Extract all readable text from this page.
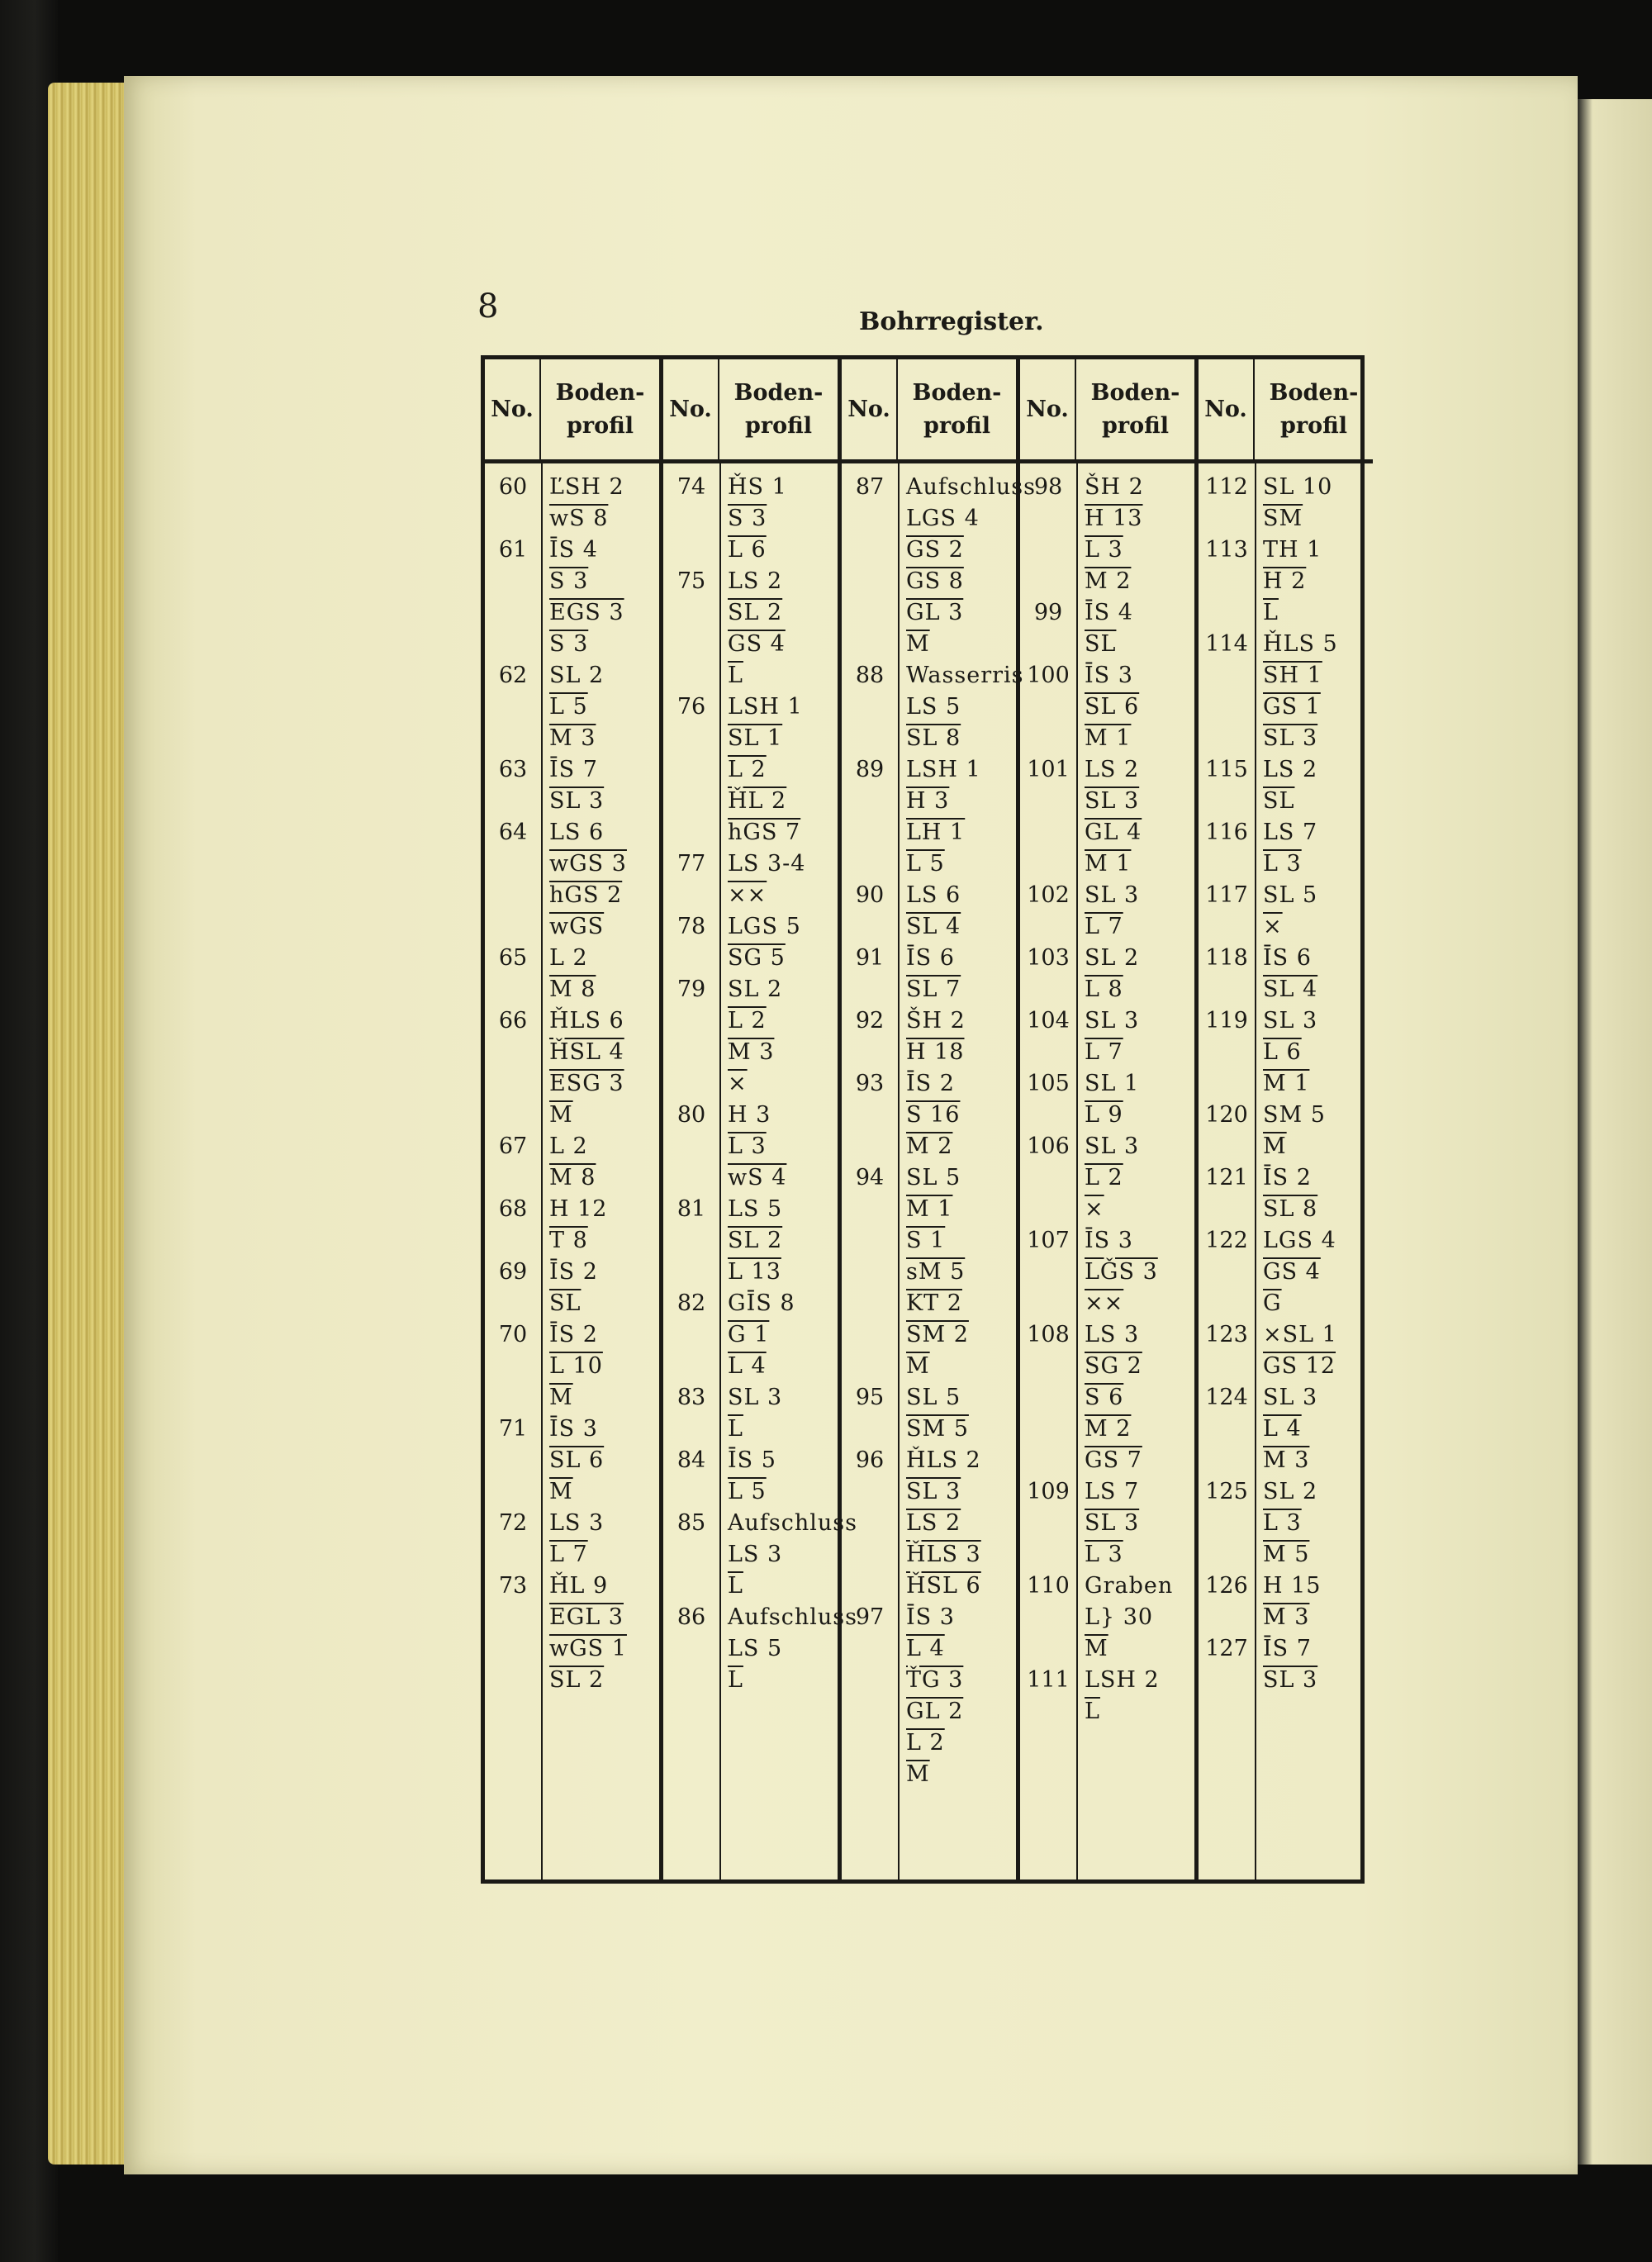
8	Bohrregister.
No.
Boden-
profil
60 ĽSH 2
wS 8
61 ĪS 4
S 3
EGS 3
S 3
62 SL 2
L 5
M 3
63 ĪS 7
SL 3
64 LS 6
wGS 3
hGS 2
$\overline{wGS}$
65 L 2
M 8
66 ȞLS 6
ȞSL 4
ESG 3
$\overline{M}$
67 L 2
M 8
68 H 12
T 8
69 ĪS 2
$\overline{SL}$
70 ĪS 2
L 10
$\overline{M}$
71 ĪS 3
SL 6
$\overline{M}$
72 LS 3
L 7
73 ȞL 9
EGL 3
wGS 1
SL 2
No.
Boden-
profil
74 ȞS 1
S 3
L 6
75 LS 2
SL 2
GS 4
$\overline{L}$
76 LSH 1
SL 1
L 2
ȞL 2
hGS 7
77 LS 3-4
××
78 LGS 5
SG 5
79 SL 2
L 2
M 3
×
80 H 3
L 3
wS 4
81 LS 5
SL 2
L 13
82 GĪS 8
G 1
L 4
83 SL 3
$\overline{L}$
84 ĪS 5
L 5
85 Aufschluss
LS 3
$\overline{L}$
86 Aufschluss
LS 5
$\overline{L}$
No.
Boden-
profil
87 Aufschluss
LGS 4
GS 2
GS 8
GL 3
$\overline{M}$
88 Wasserris
LS 5
SL 8
89 LSH 1
H 3
LH 1
L 5
90 LS 6
SL 4
91 ĪS 6
SL 7
92 ŠH 2
H 18
93 ĪS 2
S 16
M 2
94 SL 5
M 1
S 1
sM 5
KT 2
SM 2
$\overline{M}$
95 SL 5
SM 5
96 ȞLS 2
SL 3
LS 2
ȞLS 3
ȞSL 6
97 ĪS 3
L 4
ŤG 3
GL 2
L 2
$\overline{M}$
No.
Boden-
profil
98 ŠH 2
H 13
L 3
M 2
99 ĪS 4
$\overline{SL}$
100 ĪS 3
SL 6
M 1
101 LS 2
SL 3
GL 4
M 1
102 SL 3
L 7
103 SL 2
L 8
104 SL 3
L 7
105 SL 1
L 9
106 SL 3
L 2
×
107 ĪS 3
LǦS 3
××
108 LS 3
SG 2
S 6
M 2
GS 7
109 LS 7
SL 3
L 3
110 Graben
L} 30
$\overline{M}$
111 LSH 2
$\overline{L}$
No.
Boden-
profil
112 SL 10
$\overline{SM}$
113 TH 1
H 2
$\overline{L}$
114 ȞLS 5
SH 1
GS 1
SL 3
115 LS 2
$\overline{SL}$
116 LS 7
L 3
117 SL 5
×
118 ĪS 6
SL 4
119 SL 3
L 6
M 1
120 SM 5
$\overline{M}$
121 ĪS 2
SL 8
122 LGS 4
GS 4
$\overline{G}$
123 ×SL 1
GS 12
124 SL 3
L 4
M 3
125 SL 2
L 3
M 5
126 H 15
M 3
127 ĪS 7
SL 3
